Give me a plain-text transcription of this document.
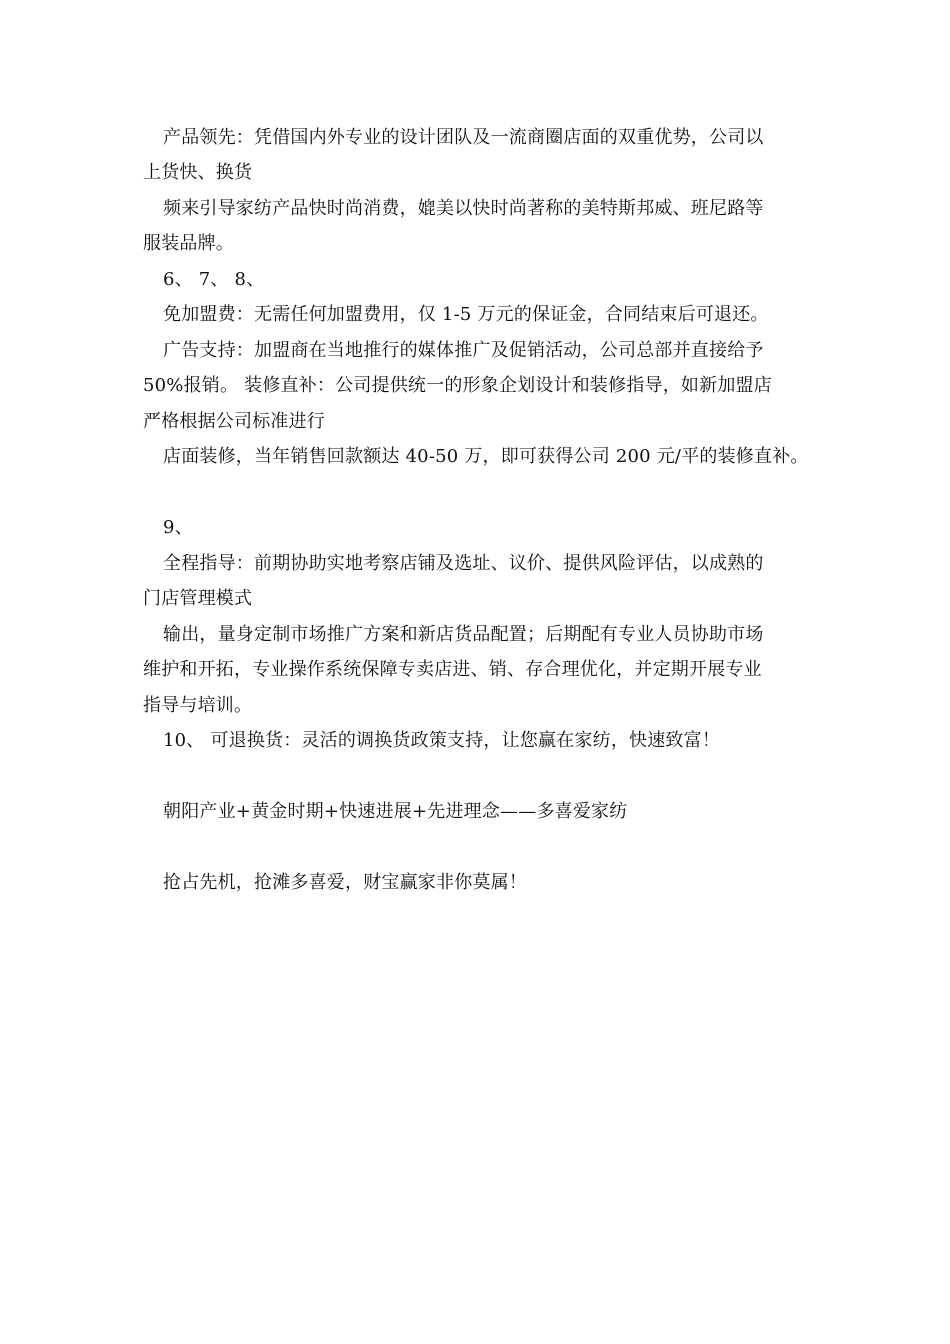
产品领先：凭借国内外专业的设计团队及一流商圈店面的双重优势，公司以
上货快、换货
频来引导家纺产品快时尚消费，媲美以快时尚著称的美特斯邦威、班尼路等
服装品牌。
6、 7、 8、
免加盟费：无需任何加盟费用，仅 1-5 万元的保证金，合同结束后可退还。
广告支持：加盟商在当地推行的媒体推广及促销活动，公司总部并直接给予
50%报销。 装修直补：公司提供统一的形象企划设计和装修指导，如新加盟店
严格根据公司标准进行
店面装修，当年销售回款额达 40-50 万，即可获得公司 200 元/平的装修直补。
9、
全程指导：前期协助实地考察店铺及选址、议价、提供风险评估，以成熟的
门店管理模式
输出，量身定制市场推广方案和新店货品配置；后期配有专业人员协助市场
维护和开拓，专业操作系统保障专卖店进、销、存合理优化，并定期开展专业
指导与培训。
10、 可退换货：灵活的调换货政策支持，让您赢在家纺，快速致富！
朝阳产业+黄金时期+快速进展+先进理念——多喜爱家纺
抢占先机，抢滩多喜爱，财宝赢家非你莫属！
